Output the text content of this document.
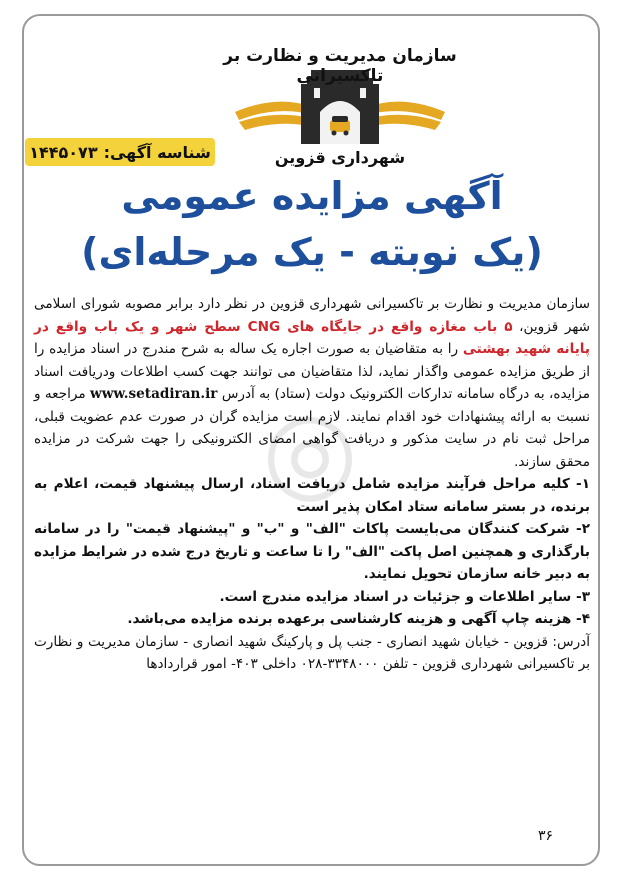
◎
سازمان مدیریت و نظارت بر تاکسیرانی
شهرداری قزوین
شناسه آگهی:
۱۴۴۵۰۷۳
آگهی مزایده عمومی
(یک نوبته - یک مرحله‌ای)

سازمان مدیریت و نظارت بر تاکسیرانی شهرداری قزوین در نظر دارد برابر مصوبه شورای اسلامی شهر قزوین، ۵ باب مغازه واقع در جایگاه های CNG سطح شهر و یک باب واقع در پایانه شهید بهشتی را به متقاضیان به صورت اجاره یک ساله به شرح مندرج در اسناد مزایده را از طریق مزایده عمومی واگذار نماید، لذا متقاضیان می توانند جهت کسب اطلاعات ودریافت اسناد مزایده، به درگاه سامانه تدارکات الکترونیک دولت (ستاد) به آدرس www.setadiran.ir مراجعه و نسبت به ارائه پیشنهادات خود اقدام نمایند. لازم است مزایده گران در صورت عدم عضویت قبلی، مراحل ثبت نام در سایت مذکور و دریافت گواهی امضای الکترونیکی را جهت شرکت در مزایده محقق سازند.

۱- کلیه مراحل فرآیند مزایده شامل دریافت اسناد، ارسال پیشنهاد قیمت، اعلام به برنده، در بستر سامانه ستاد امکان پذیر است

۲- شرکت کنندگان می‌بایست پاکات "الف" و "ب" و "پیشنهاد قیمت" را در سامانه بارگذاری و همچنین اصل پاکت "الف" را تا ساعت و تاریخ درج شده در شرایط مزایده به دبیر خانه سازمان تحویل نمایند.

۳- سایر اطلاعات و جزئیات در اسناد مزایده مندرج است.

۴- هزینه چاپ آگهی و هزینه کارشناسی برعهده برنده مزایده می‌باشد.

آدرس: قزوین - خیابان شهید انصاری - جنب پل و پارکینگ شهید انصاری - سازمان مدیریت و نظارت بر تاکسیرانی شهرداری قزوین - تلفن ۳۳۴۸۰۰۰-۰۲۸ داخلی ۴۰۳- امور قراردادها

۳۶
